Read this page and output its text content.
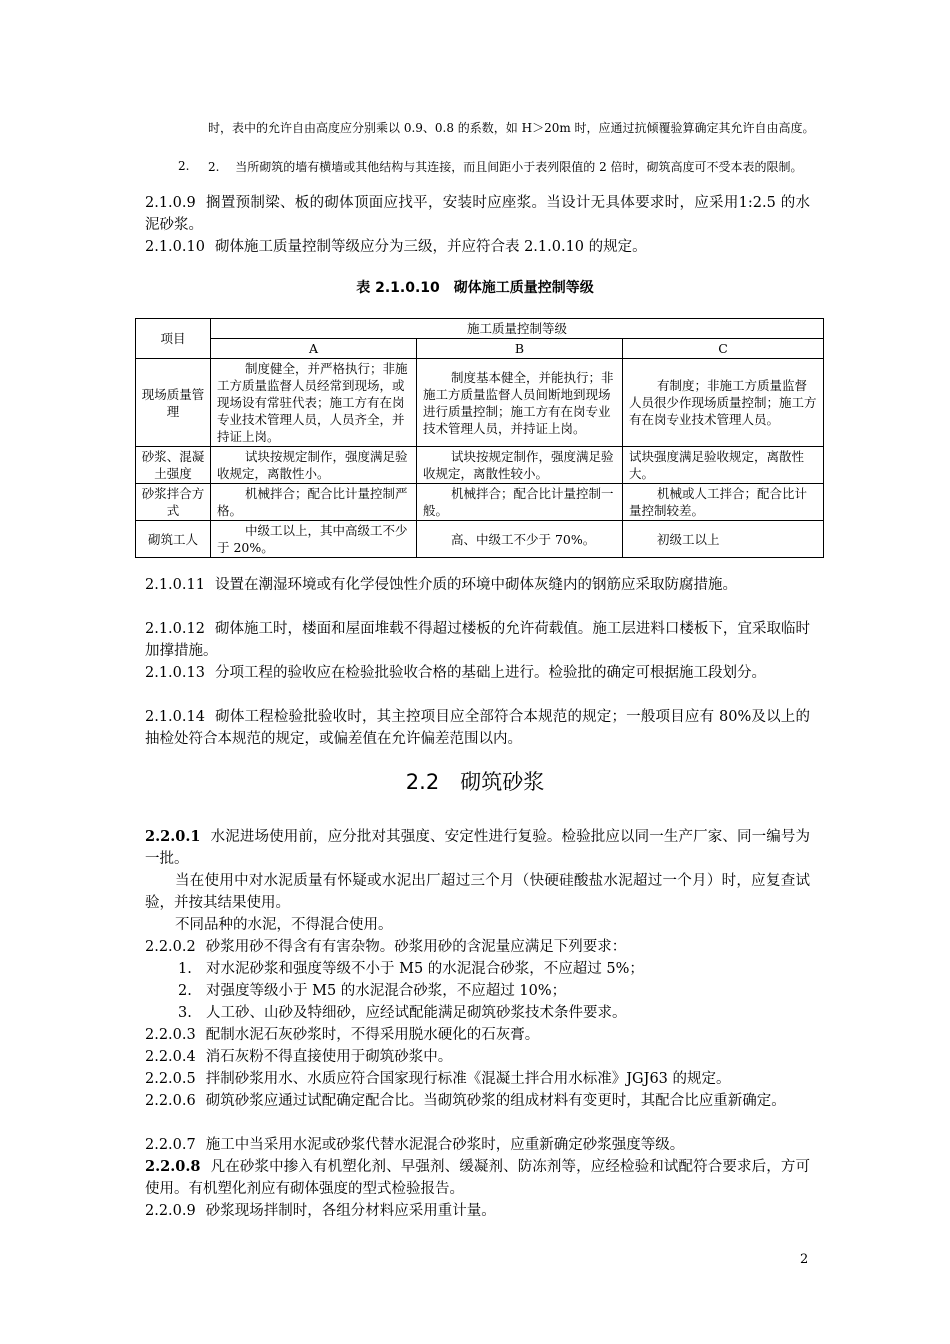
时，表中的允许自由高度应分别乘以 0.9、0.8 的系数，如 H＞20m 时，应通过抗倾覆验算确定其允许自由高度。

2. 2.　 当所砌筑的墙有横墙或其他结构与其连接，而且间距小于表列限值的 2 倍时，砌筑高度可不受本表的限制。

2.1.0.9 搁置预制梁、板的砌体顶面应找平，安装时应座浆。当设计无具体要求时，应采用1:2.5 的水泥砂浆。

2.1.0.10 砌体施工质量控制等级应分为三级，并应符合表 2.1.0.10 的规定。

表 2.1.0.10　砌体施工质量控制等级

项目	施工质量控制等级		
	A	B	C
现场质量管理	制度健全，并严格执行；非施工方质量监督人员经常到现场，或现场设有常驻代表；施工方有在岗专业技术管理人员，人员齐全，并持证上岗。	制度基本健全，并能执行；非施工方质量监督人员间断地到现场进行质量控制；施工方有在岗专业技术管理人员，并持证上岗。	有制度；非施工方质量监督人员很少作现场质量控制；施工方有在岗专业技术管理人员。
砂浆、混凝土强度	试块按规定制作，强度满足验收规定，离散性小。	试块按规定制作，强度满足验收规定，离散性较小。	试块强度满足验收规定，离散性大。
砂浆拌合方式	机械拌合；配合比计量控制严格。	机械拌合；配合比计量控制一般。	机械或人工拌合；配合比计量控制较差。
砌筑工人	中级工以上，其中高级工不少于 20%。	高、中级工不少于 70%。	初级工以上

2.1.0.11 设置在潮湿环境或有化学侵蚀性介质的环境中砌体灰缝内的钢筋应采取防腐措施。

2.1.0.12 砌体施工时，楼面和屋面堆载不得超过楼板的允许荷载值。施工层进料口楼板下，宜采取临时加撑措施。

2.1.0.13 分项工程的验收应在检验批验收合格的基础上进行。检验批的确定可根据施工段划分。

2.1.0.14 砌体工程检验批验收时，其主控项目应全部符合本规范的规定；一般项目应有 80%及以上的抽检处符合本规范的规定，或偏差值在允许偏差范围以内。

2.2　砌筑砂浆

2.2.0.1 水泥进场使用前，应分批对其强度、安定性进行复验。检验批应以同一生产厂家、同一编号为一批。

当在使用中对水泥质量有怀疑或水泥出厂超过三个月（快硬硅酸盐水泥超过一个月）时，应复查试验，并按其结果使用。

不同品种的水泥，不得混合使用。

2.2.0.2 砂浆用砂不得含有有害杂物。砂浆用砂的含泥量应满足下列要求：

1. 对水泥砂浆和强度等级不小于 M5 的水泥混合砂浆，不应超过 5%；

2. 对强度等级小于 M5 的水泥混合砂浆，不应超过 10%；

3. 人工砂、山砂及特细砂，应经试配能满足砌筑砂浆技术条件要求。

2.2.0.3 配制水泥石灰砂浆时，不得采用脱水硬化的石灰膏。

2.2.0.4 消石灰粉不得直接使用于砌筑砂浆中。

2.2.0.5 拌制砂浆用水、水质应符合国家现行标准《混凝土拌合用水标准》JGJ63 的规定。

2.2.0.6 砌筑砂浆应通过试配确定配合比。当砌筑砂浆的组成材料有变更时，其配合比应重新确定。

2.2.0.7 施工中当采用水泥或砂浆代替水泥混合砂浆时，应重新确定砂浆强度等级。

2.2.0.8 凡在砂浆中掺入有机塑化剂、早强剂、缓凝剂、防冻剂等，应经检验和试配符合要求后，方可使用。有机塑化剂应有砌体强度的型式检验报告。

2.2.0.9 砂浆现场拌制时，各组分材料应采用重计量。

2
